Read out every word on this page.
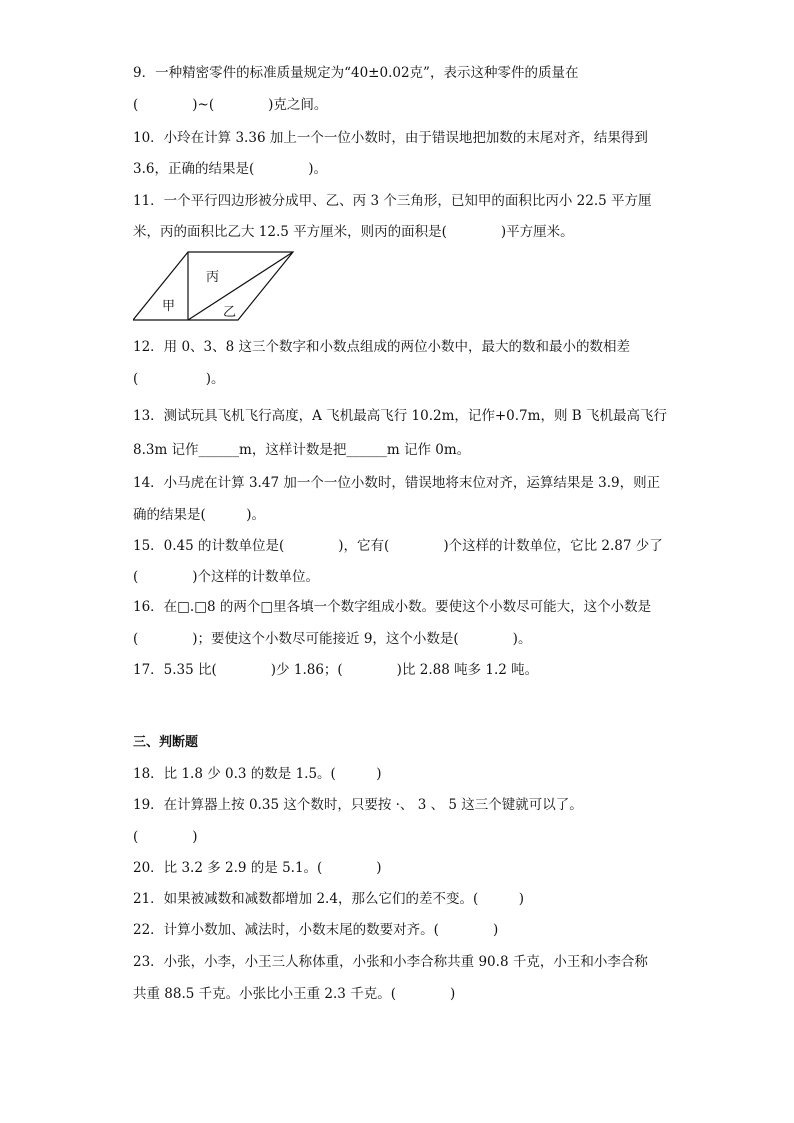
9．一种精密零件的标准质量规定为“40±0.02克”，表示这种零件的质量在
(　　　　)~(　　　　)克之间。
10．小玲在计算 3.36 加上一个一位小数时，由于错误地把加数的末尾对齐，结果得到
3.6，正确的结果是(　　　　)。
11．一个平行四边形被分成甲、乙、丙 3 个三角形，已知甲的面积比丙小 22.5 平方厘
米，丙的面积比乙大 12.5 平方厘米，则丙的面积是(　　　　)平方厘米。
甲
丙
乙
12．用 0、3、8 这三个数字和小数点组成的两位小数中，最大的数和最小的数相差
(　　　　　)。
13．测试玩具飞机飞行高度，A 飞机最高飞行 10.2m，记作+0.7m，则 B 飞机最高飞行
8.3m 记作______m，这样计数是把______m 记作 0m。
14．小马虎在计算 3.47 加一个一位小数时，错误地将末位对齐，运算结果是 3.9，则正
确的结果是(　　　)。
15．0.45 的计数单位是(　　　　)，它有(　　　　)个这样的计数单位，它比 2.87 少了
(　　　　)个这样的计数单位。
16．在□.□8 的两个□里各填一个数字组成小数。要使这个小数尽可能大，这个小数是
(　　　　)；要使这个小数尽可能接近 9，这个小数是(　　　　)。
17．5.35 比(　　　　)少 1.86；(　　　　)比 2.88 吨多 1.2 吨。
三、判断题
18．比 1.8 少 0.3 的数是 1.5。(　　　)
19．在计算器上按 0.35 这个数时，只要按 ·、 3 、 5 这三个键就可以了。
(　　　　)
20．比 3.2 多 2.9 的是 5.1。(　　　　)
21．如果被减数和减数都增加 2.4，那么它们的差不变。(　　　)
22．计算小数加、减法时，小数末尾的数要对齐。(　　　　)
23．小张，小李，小王三人称体重，小张和小李合称共重 90.8 千克，小王和小李合称
共重 88.5 千克。小张比小王重 2.3 千克。(　　　　)
